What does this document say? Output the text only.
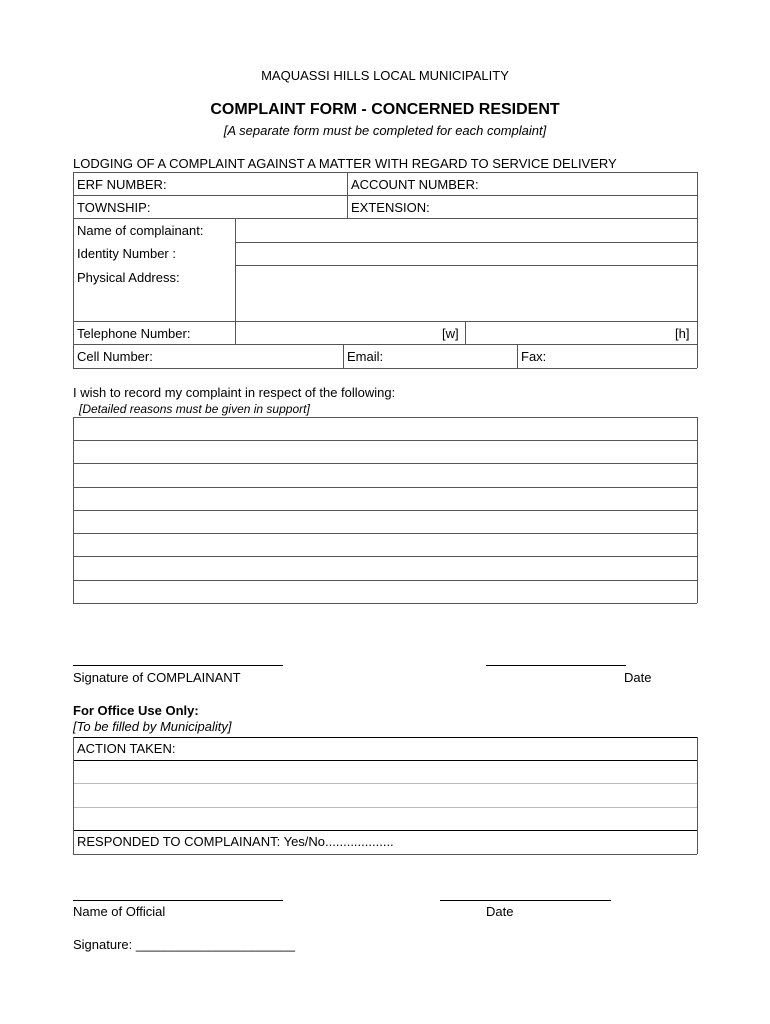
MAQUASSI HILLS LOCAL MUNICIPALITY
COMPLAINT FORM - CONCERNED RESIDENT
[A separate form must be completed for each complaint]
LODGING OF A COMPLAINT AGAINST A MATTER WITH REGARD TO SERVICE DELIVERY
ERF NUMBER:	ACCOUNT NUMBER:
TOWNSHIP:	EXTENSION:
Name of complainant:
Identity Number :
Physical Address:
Telephone Number:	[w]	[h]
Cell Number:	Email:	Fax:
I wish to record my complaint in respect of the following:
[Detailed reasons must be given in support]
Signature of COMPLAINANT	Date
For Office Use Only:
[To be filled by Municipality]
ACTION TAKEN:
RESPONDED TO COMPLAINANT: Yes/No...................
Name of Official	Date
Signature: ______________________
